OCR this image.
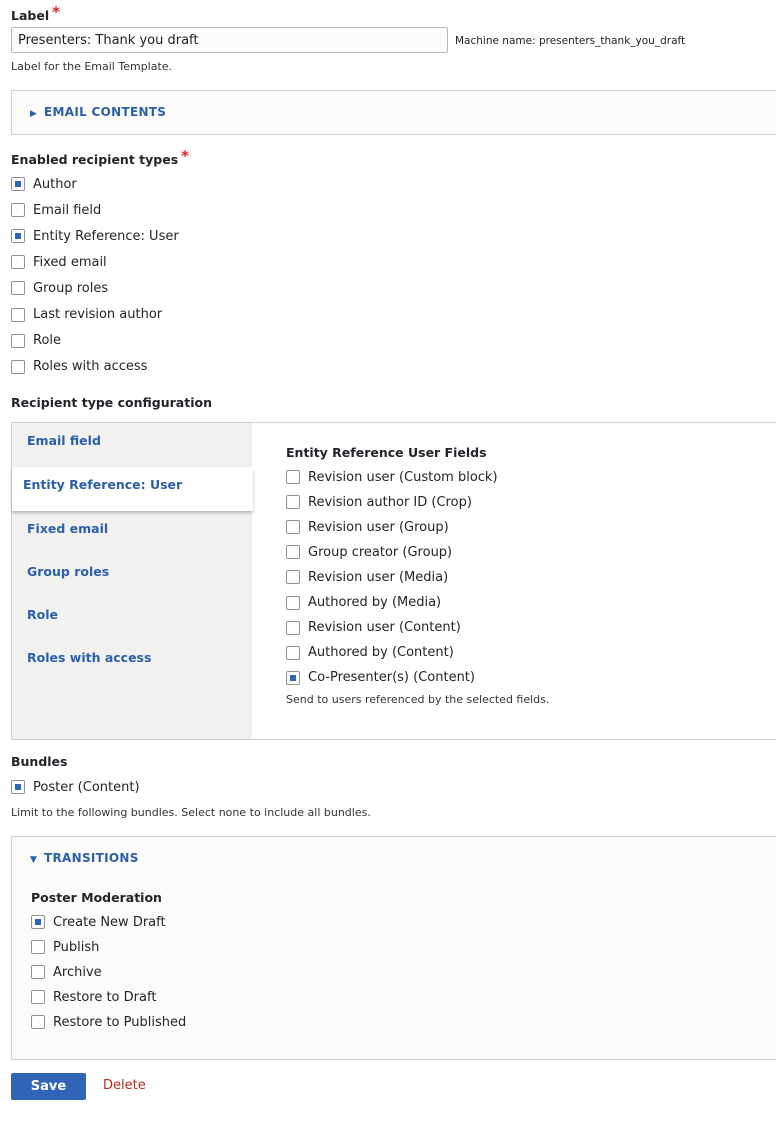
Label *
Presenters: Thank you draft
Machine name: presenters_thank_you_draft
Label for the Email Template.
▶ EMAIL CONTENTS
Enabled recipient types *
Author
Email field
Entity Reference: User
Fixed email
Group roles
Last revision author
Role
Roles with access
Recipient type configuration
Email field
Entity Reference: User
Fixed email
Group roles
Role
Roles with access
Entity Reference User Fields
Revision user (Custom block)
Revision author ID (Crop)
Revision user (Group)
Group creator (Group)
Revision user (Media)
Authored by (Media)
Revision user (Content)
Authored by (Content)
Co-Presenter(s) (Content)
Send to users referenced by the selected fields.
Bundles
Poster (Content)
Limit to the following bundles. Select none to include all bundles.
▼ TRANSITIONS
Poster Moderation
Create New Draft
Publish
Archive
Restore to Draft
Restore to Published
Save	Delete
